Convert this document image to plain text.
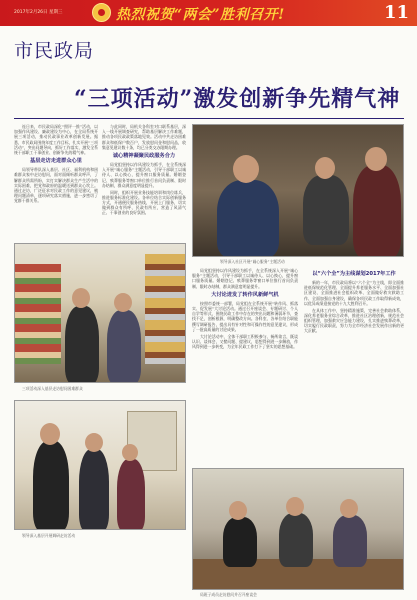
2017年2月26日 星期三	热烈祝贺“两会”胜利召开!	11
市民政局
“三项活动”激发创新争先精气神

连日来，市民政局深化“照评一推”活动，以加强作风建设、廉政建设为中心，在全局系统开展三项活动，推动民政事业改革创新发展。据悉，市民政局围绕年度工作目标，扎实开展“三项活动”，突出问题导向，抓好工作落实，激发全系统干部职工干事创业、创新争先的精气神。

基层走访走进群众心里

局领导带队深入基层、社区、福利机构和困难群众家中走访慰问，面对面倾听群众呼声，了解群众所需所盼，实打实解决群众生产生活中的实际困难，把党和政府的温暖送到群众心坎上。通过走访，广泛征求对民政工作的意见建议，梳理问题清单，逐项研究落实措施，进一步密切了党群干群关系。

与此同时，局机关各科室对口联系基层，深入一线开展调查研究，帮助基层解决工作难题，推动各项民政政策落地见效。活动中共走访困难群众和低保户数百户，发放慰问金和慰问品，收集意见建议数十条，均已分类交办限期办理。

诚心精神凝聚民政服务合力

局党组坚持以作风建设为抓手，在全系统深入开展“诚心服务”主题活动，引导干部职工以诚待人、以心换心，提升窗口服务质量。婚姻登记、殡葬服务等窗口单位推行首问负责制、限时办结制，群众满意度明显提升。

同时，组织开展业务技能培训和岗位练兵，推进服务标准化建设。各单位结合实际创新服务方式，开通便民服务热线，开展上门服务，切实做到群众有所呼、民政有所应，营造了风清气正、干事创业的良好氛围。

领导深入社区开展“诚心服务”主题活动
三项活动深入基层走访慰问困难群众

局党组坚持以作风建设为抓手，在全系统深入开展“诚心服务”主题活动，引导干部职工以诚待人、以心换心，提升窗口服务质量。婚姻登记、殡葬服务等窗口单位推行首问负责制、限时办结制，群众满意度明显提升。

大讨论迸发了转作风新鲜气机

按照市委统一部署，局党组在全系统开展“转作风、抓落实、促发展”大讨论活动。通过召开座谈会、专题研讨、个人自学等形式，围绕民政工作中存在的突出问题和薄弱环节，查找不足，剖析根源，明确整改方向。各科室、各单位结合职能撰写调研报告，提出具有针对性和可操作性的意见建议，形成了一批高质量的讨论成果。

大讨论活动中，全体干部职工积极参与、畅所欲言，既谈认识、谈体会，又摆问题、提建议，思想得到进一步解放，作风得到进一步转变，为全年民政工作打下了坚实的思想基础。

以“六个全”为主线谋划2017年工作

新的一年，市民政局将以“六个全”为主线，即全面推进低保规范化管理、全面提升养老服务水平、全面加强社区建设、全面推进社会组织改革、全面做好救灾救助工作、全面加强自身建设，确保各项民政工作取得新成效，以优异成绩迎接党的十九大胜利召开。

在具体工作中，坚持精准施策，完善社会救助体系，深化养老服务业综合改革，推进社区治理创新，规范社会组织管理，加强救灾应急能力建设，扎实推进殡葬改革，切实履行民政职责，努力为全市经济社会发展作出新的更大贡献。

领导深入基层开展调研走访活动
局班子成员走访慰问并召开座谈会
